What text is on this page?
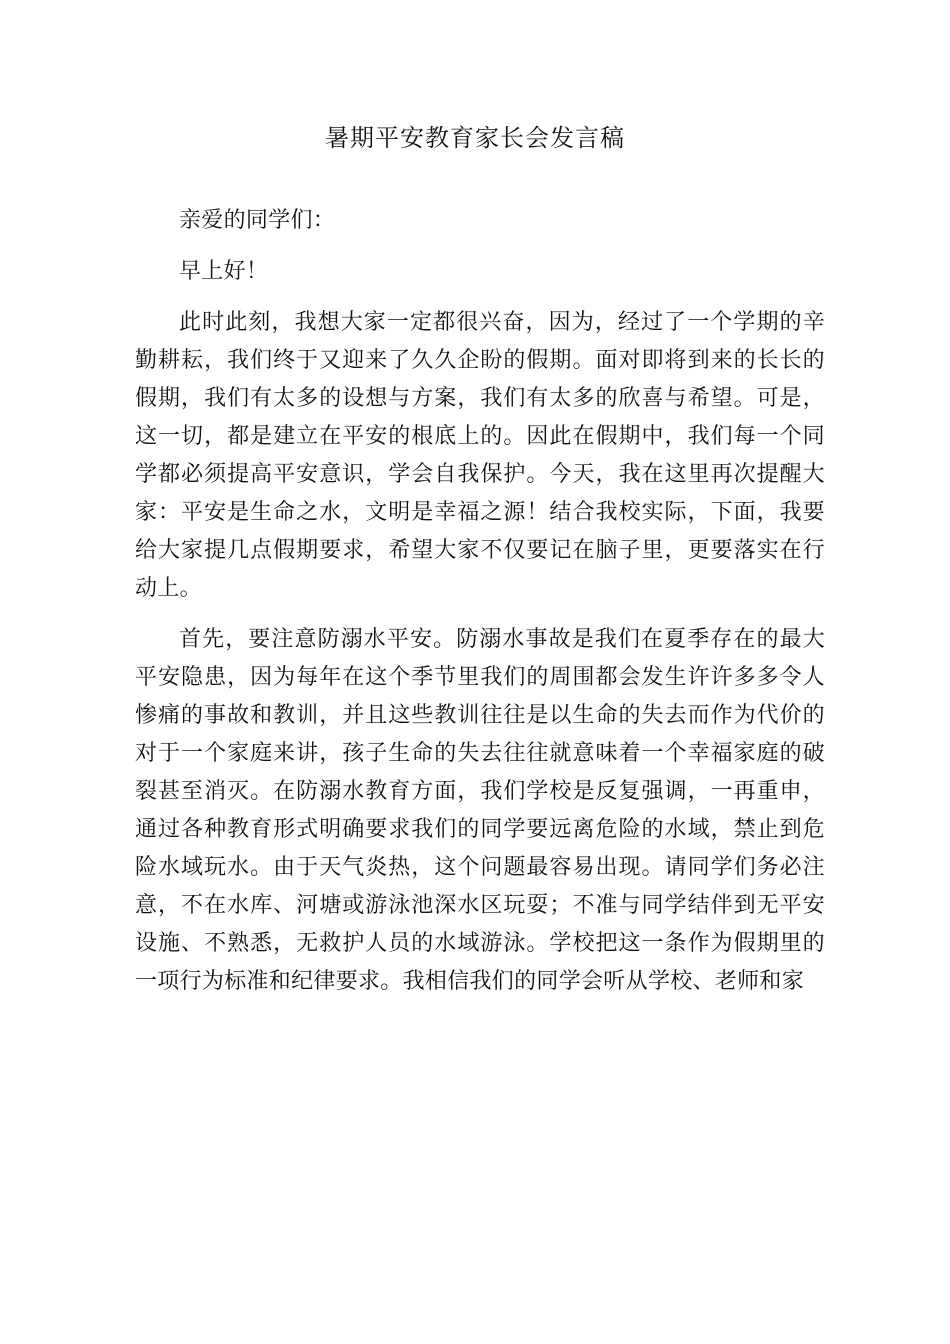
暑期平安教育家长会发言稿

亲爱的同学们：

早上好！

此时此刻，我想大家一定都很兴奋，因为，经过了一个学期的辛勤耕耘，我们终于又迎来了久久企盼的假期。面对即将到来的长长的假期，我们有太多的设想与方案，我们有太多的欣喜与希望。可是，这一切，都是建立在平安的根底上的。因此在假期中，我们每一个同学都必须提高平安意识，学会自我保护。今天，我在这里再次提醒大家：平安是生命之水，文明是幸福之源！结合我校实际，下面，我要给大家提几点假期要求，希望大家不仅要记在脑子里，更要落实在行动上。

首先，要注意防溺水平安。防溺水事故是我们在夏季存在的最大平安隐患，因为每年在这个季节里我们的周围都会发生许许多多令人惨痛的事故和教训，并且这些教训往往是以生命的失去而作为代价的对于一个家庭来讲，孩子生命的失去往往就意味着一个幸福家庭的破裂甚至消灭。在防溺水教育方面，我们学校是反复强调，一再重申，通过各种教育形式明确要求我们的同学要远离危险的水域，禁止到危险水域玩水。由于天气炎热，这个问题最容易出现。请同学们务必注意，不在水库、河塘或游泳池深水区玩耍；不准与同学结伴到无平安设施、不熟悉，无救护人员的水域游泳。学校把这一条作为假期里的一项行为标准和纪律要求。我相信我们的同学会听从学校、老师和家
